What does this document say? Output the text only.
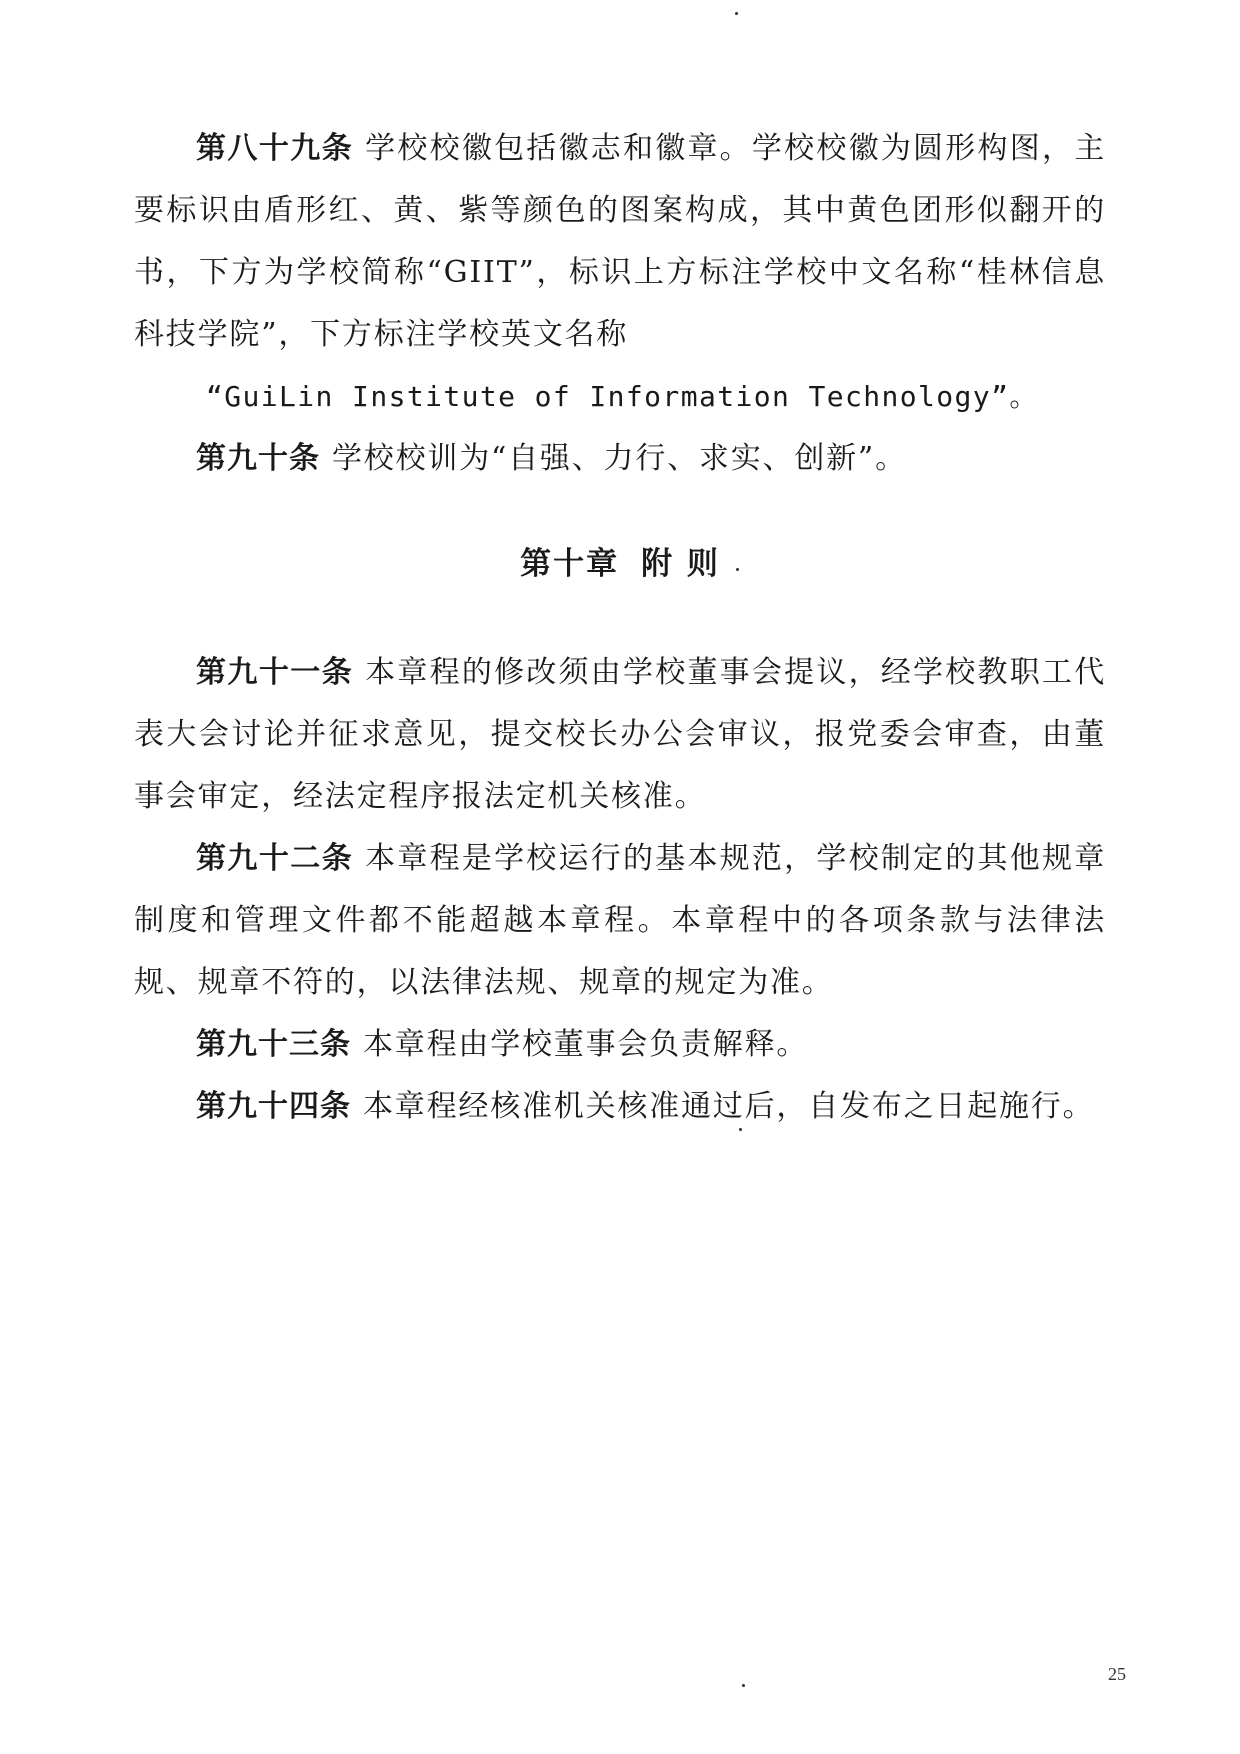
第八十九条 学校校徽包括徽志和徽章。学校校徽为圆形构图，主要标识由盾形红、黄、紫等颜色的图案构成，其中黄色团形似翻开的书，下方为学校简称“GIIT”，标识上方标注学校中文名称“桂林信息科技学院”，下方标注学校英文名称

“GuiLin Institute of Information Technology”。

第九十条 学校校训为“自强、力行、求实、创新”。

第十章 附 则

第九十一条 本章程的修改须由学校董事会提议，经学校教职工代表大会讨论并征求意见，提交校长办公会审议，报党委会审查，由董事会审定，经法定程序报法定机关核准。

第九十二条 本章程是学校运行的基本规范，学校制定的其他规章制度和管理文件都不能超越本章程。本章程中的各项条款与法律法规、规章不符的，以法律法规、规章的规定为准。

第九十三条 本章程由学校董事会负责解释。

第九十四条 本章程经核准机关核准通过后，自发布之日起施行。

25
